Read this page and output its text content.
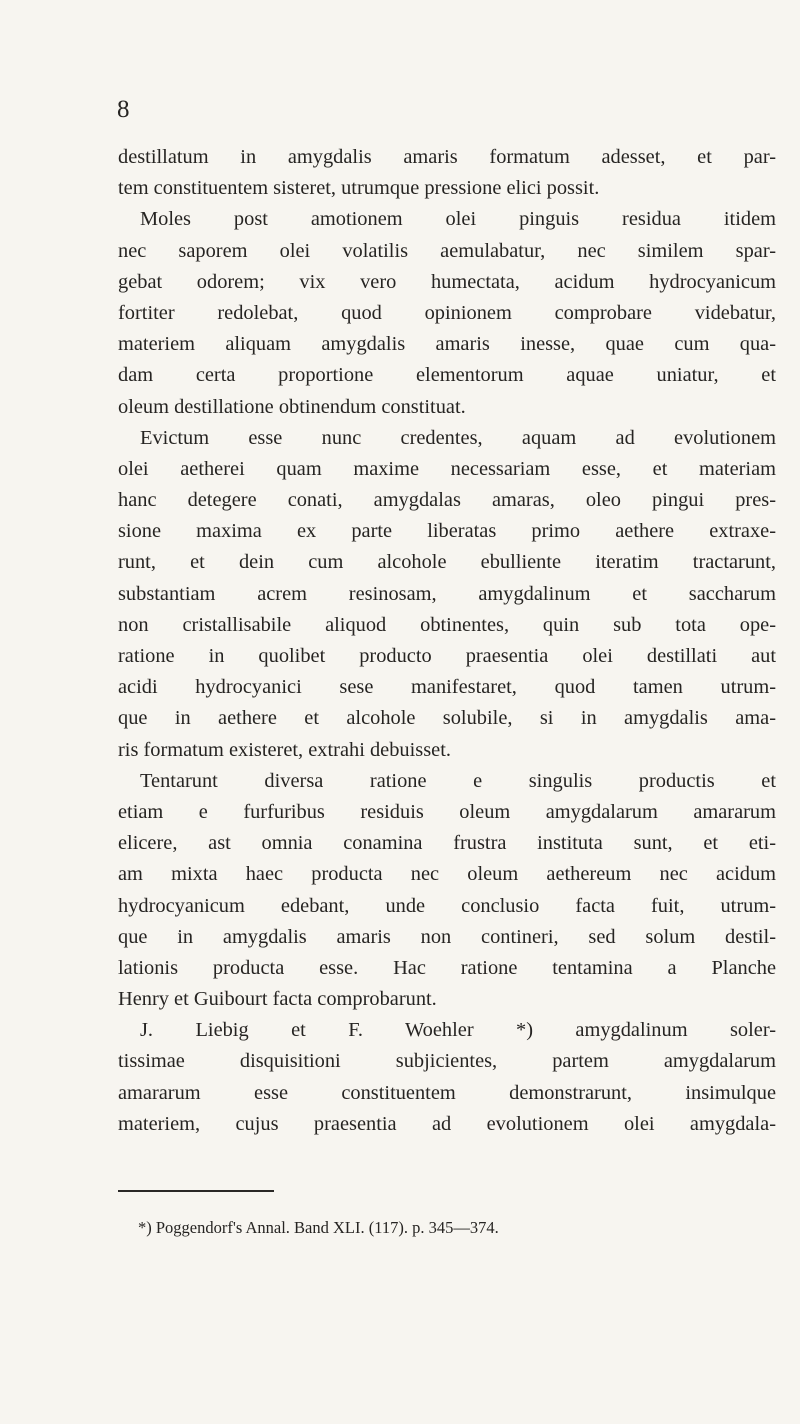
8
destillatum in amygdalis amaris formatum adesset, et par-
tem constituentem sisteret, utrumque pressione elici possit.
Moles post amotionem olei pinguis residua itidem
nec saporem olei volatilis aemulabatur, nec similem spar-
gebat odorem; vix vero humectata, acidum hydrocyanicum
fortiter redolebat, quod opinionem comprobare videbatur,
materiem aliquam amygdalis amaris inesse, quae cum qua-
dam certa proportione elementorum aquae uniatur, et
oleum destillatione obtinendum constituat.
Evictum esse nunc credentes, aquam ad evolutionem
olei aetherei quam maxime necessariam esse, et materiam
hanc detegere conati, amygdalas amaras, oleo pingui pres-
sione maxima ex parte liberatas primo aethere extraxe-
runt, et dein cum alcohole ebulliente iteratim tractarunt,
substantiam acrem resinosam, amygdalinum et saccharum
non cristallisabile aliquod obtinentes, quin sub tota ope-
ratione in quolibet producto praesentia olei destillati aut
acidi hydrocyanici sese manifestaret, quod tamen utrum-
que in aethere et alcohole solubile, si in amygdalis ama-
ris formatum existeret, extrahi debuisset.
Tentarunt diversa ratione e singulis productis et
etiam e furfuribus residuis oleum amygdalarum amararum
elicere, ast omnia conamina frustra instituta sunt, et eti-
am mixta haec producta nec oleum aethereum nec acidum
hydrocyanicum edebant, unde conclusio facta fuit, utrum-
que in amygdalis amaris non contineri, sed solum destil-
lationis producta esse. Hac ratione tentamina a Planche
Henry et Guibourt facta comprobarunt.
J. Liebig et F. Woehler *) amygdalinum soler-
tissimae disquisitioni subjicientes, partem amygdalarum
amararum esse constituentem demonstrarunt, insimulque
materiem, cujus praesentia ad evolutionem olei amygdala-
*) Poggendorf's Annal. Band XLI. (117). p. 345—374.
